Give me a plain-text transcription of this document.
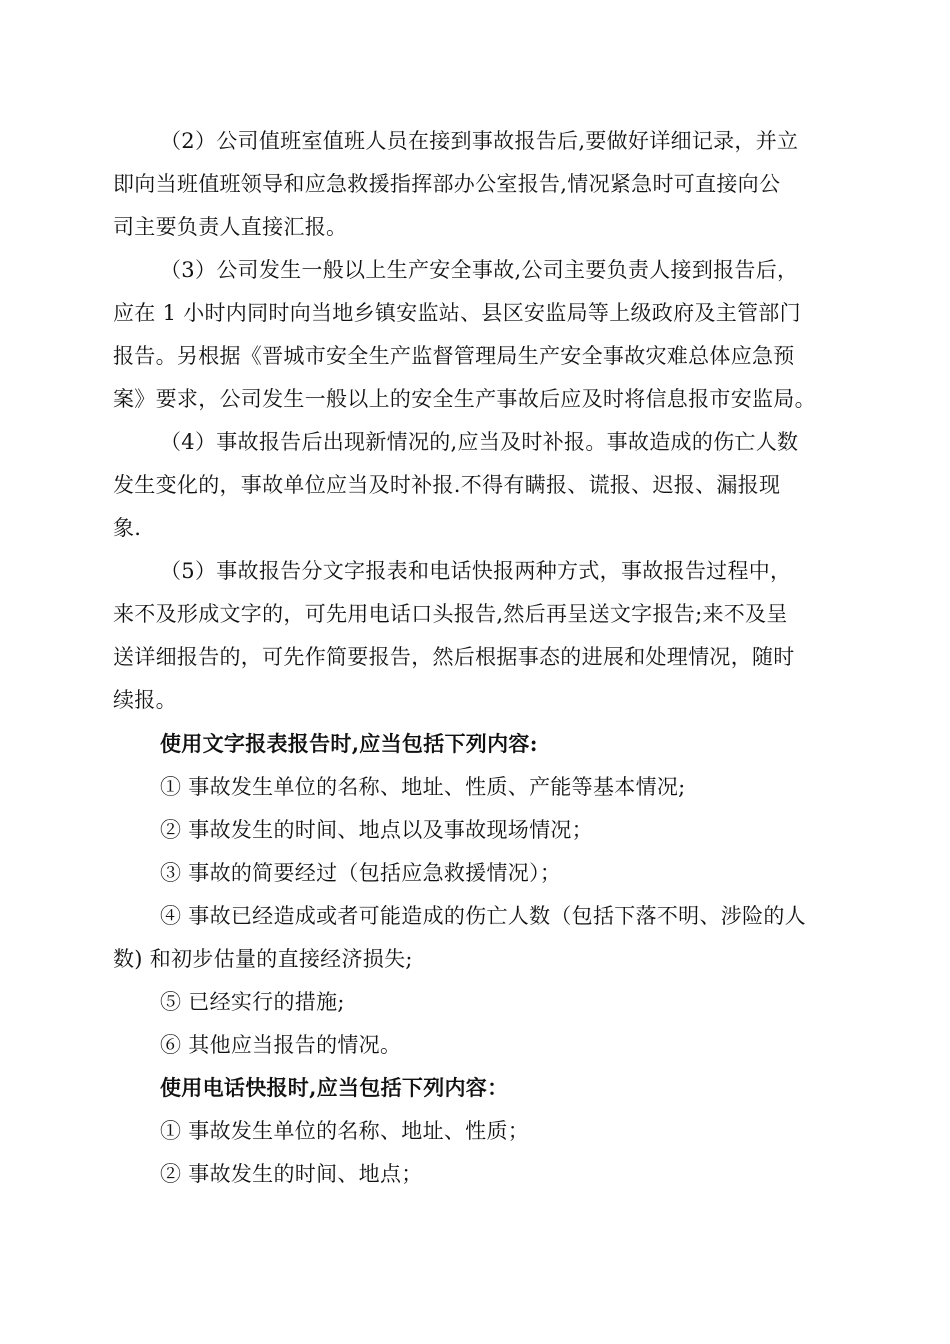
（2）公司值班室值班人员在接到事故报告后,要做好详细记录，并立
即向当班值班领导和应急救援指挥部办公室报告,情况紧急时可直接向公
司主要负责人直接汇报。
（3）公司发生一般以上生产安全事故,公司主要负责人接到报告后，
应在 1 小时内同时向当地乡镇安监站、县区安监局等上级政府及主管部门
报告。另根据《晋城市安全生产监督管理局生产安全事故灾难总体应急预
案》要求，公司发生一般以上的安全生产事故后应及时将信息报市安监局。
（4）事故报告后出现新情况的,应当及时补报。事故造成的伤亡人数
发生变化的，事故单位应当及时补报.不得有瞒报、谎报、迟报、漏报现
象.
（5）事故报告分文字报表和电话快报两种方式，事故报告过程中，
来不及形成文字的，可先用电话口头报告,然后再呈送文字报告;来不及呈
送详细报告的，可先作简要报告，然后根据事态的进展和处理情况，随时
续报。
使用文字报表报告时,应当包括下列内容:
① 事故发生单位的名称、地址、性质、产能等基本情况;
② 事故发生的时间、地点以及事故现场情况；
③ 事故的简要经过（包括应急救援情况）；
④ 事故已经造成或者可能造成的伤亡人数（包括下落不明、涉险的人
数) 和初步估量的直接经济损失;
⑤ 已经实行的措施;
⑥ 其他应当报告的情况。
使用电话快报时,应当包括下列内容：
① 事故发生单位的名称、地址、性质；
② 事故发生的时间、地点；
